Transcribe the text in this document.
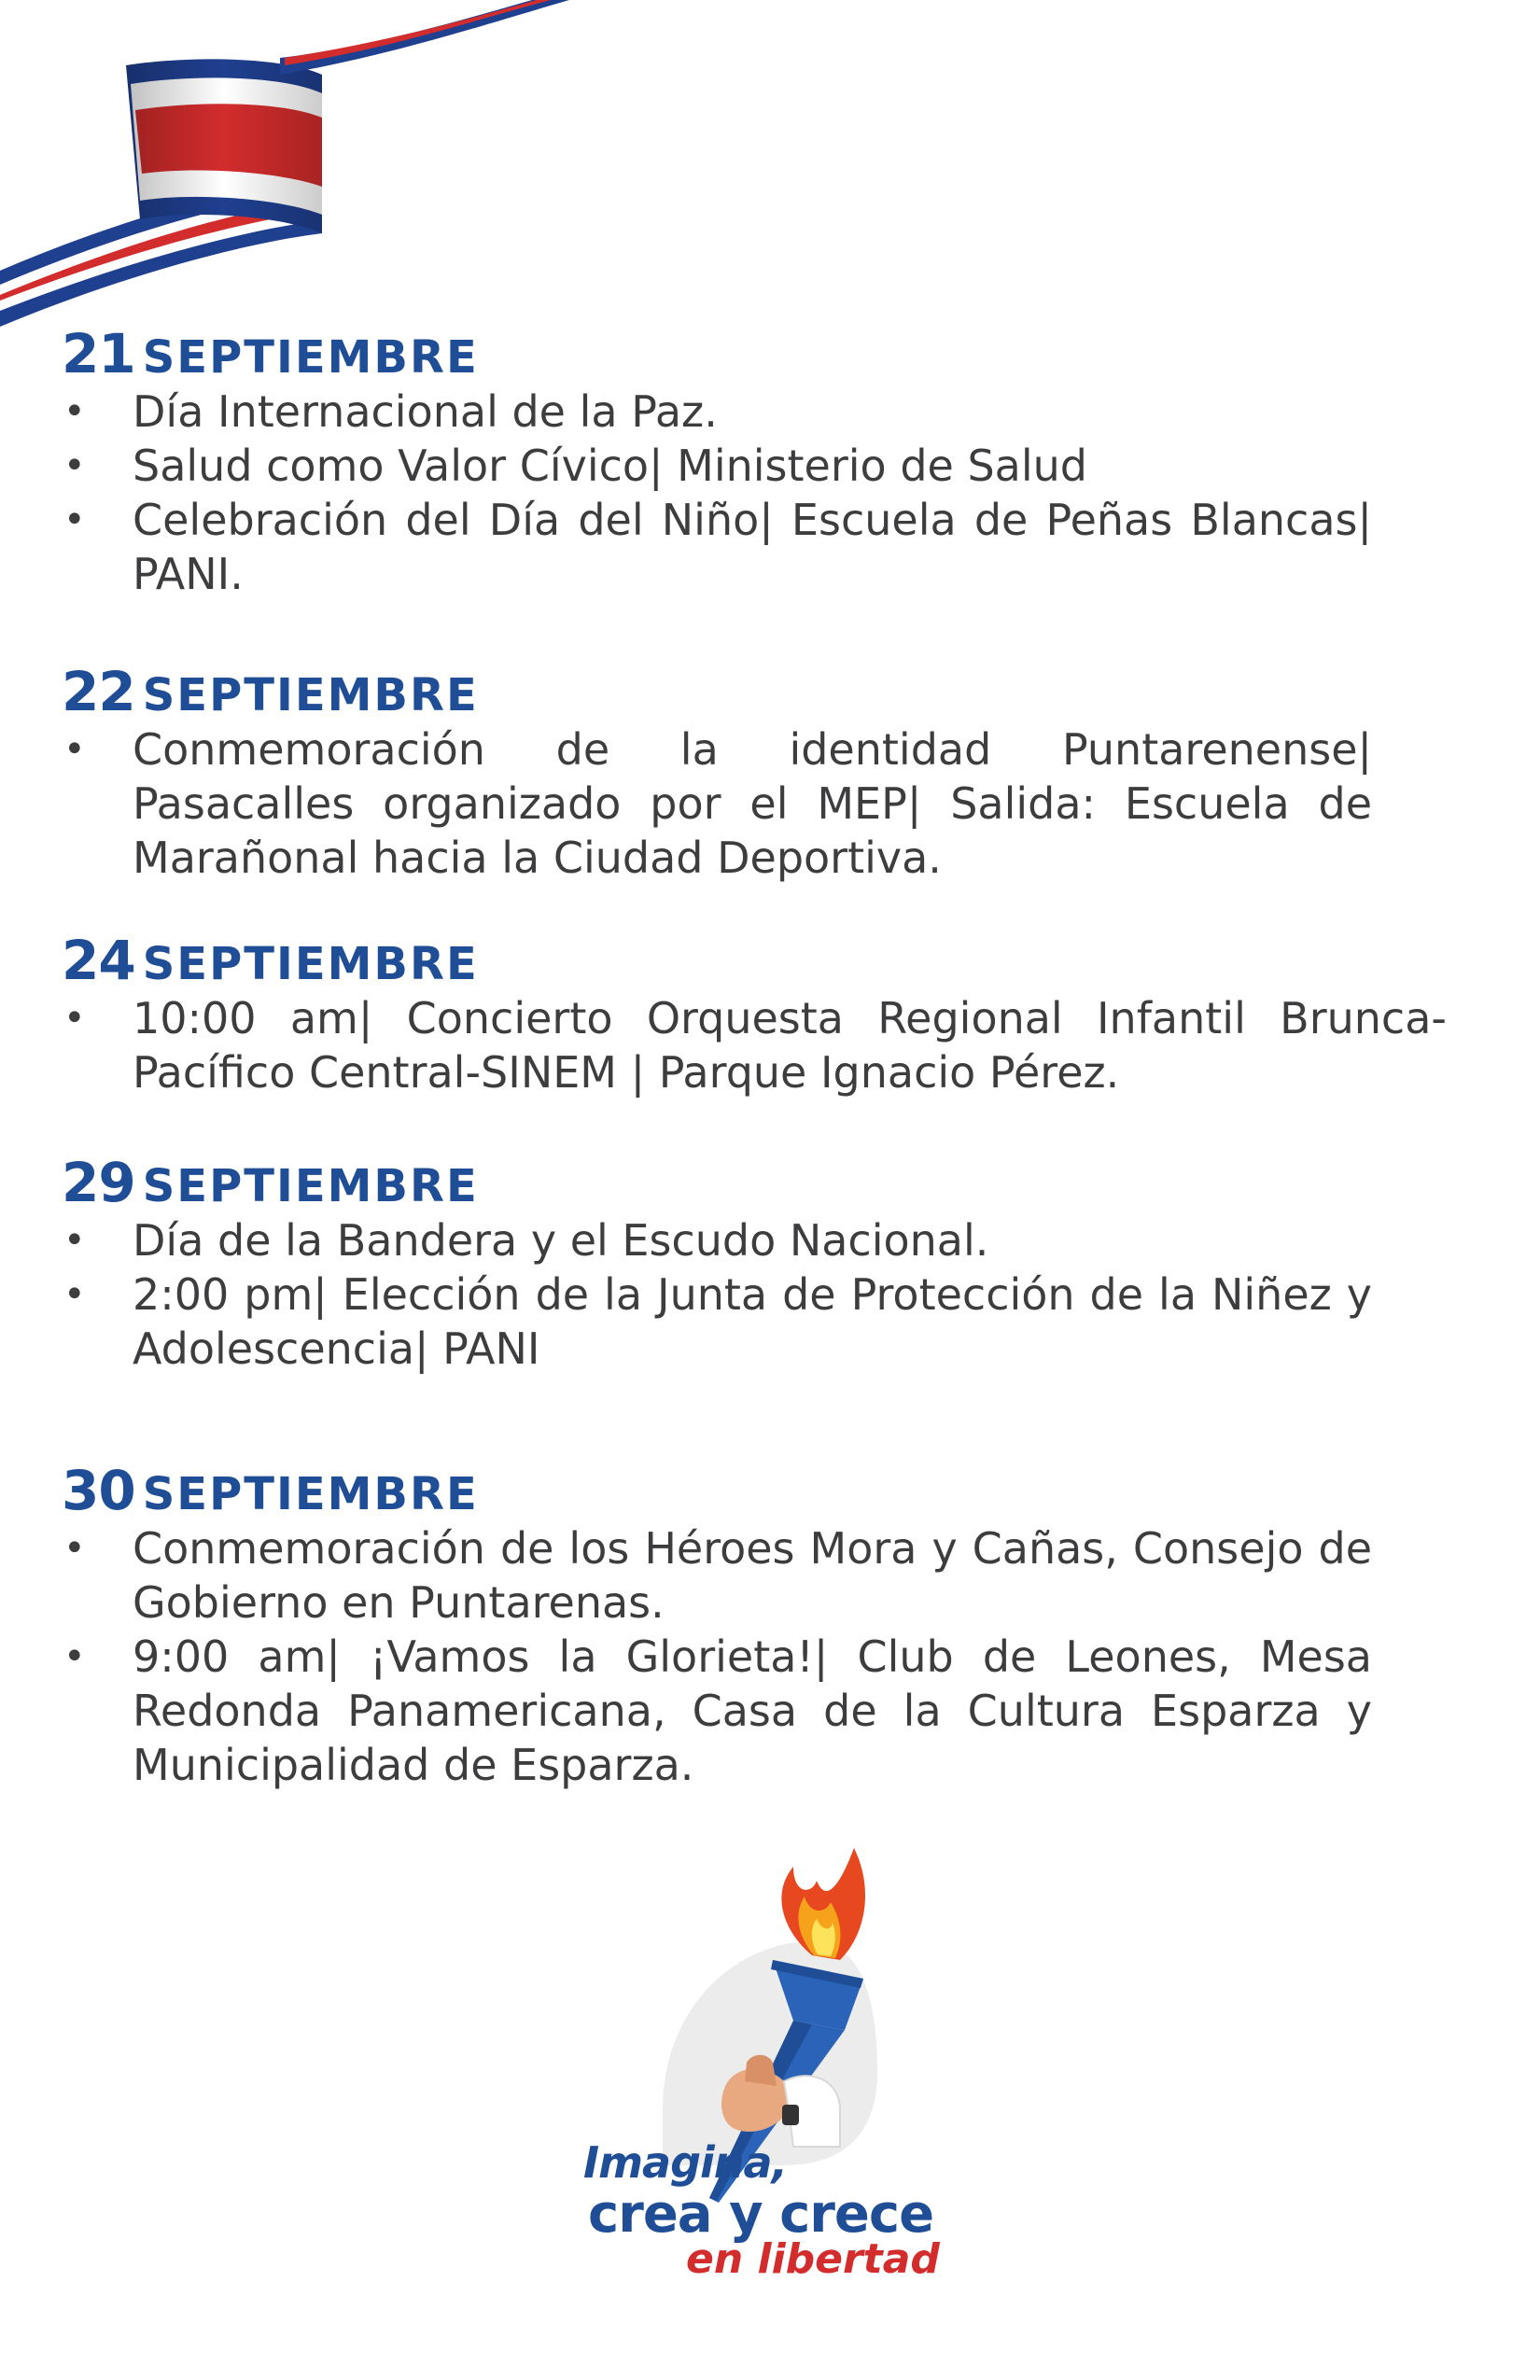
21 SEPTIEMBRE
• Día Internacional de la Paz.
• Salud como Valor Cívico| Ministerio de Salud
• Celebración del Día del Niño| Escuela de Peñas Blancas| PANI.
22 SEPTIEMBRE
• Conmemoración de la identidad Puntarenense| Pasacalles organizado por el MEP| Salida: Escuela de Marañonal hacia la Ciudad Deportiva.
24 SEPTIEMBRE
• 10:00 am| Concierto Orquesta Regional Infantil Brunca-Pacífico Central-SINEM | Parque Ignacio Pérez.
29 SEPTIEMBRE
• Día de la Bandera y el Escudo Nacional.
• 2:00 pm| Elección de la Junta de Protección de la Niñez y Adolescencia| PANI
30 SEPTIEMBRE
• Conmemoración de los Héroes Mora y Cañas, Consejo de Gobierno en Puntarenas.
• 9:00 am| ¡Vamos la Glorieta!| Club de Leones, Mesa Redonda Panamericana, Casa de la Cultura Esparza y Municipalidad de Esparza.
Imagina,
crea y crece
en libertad
